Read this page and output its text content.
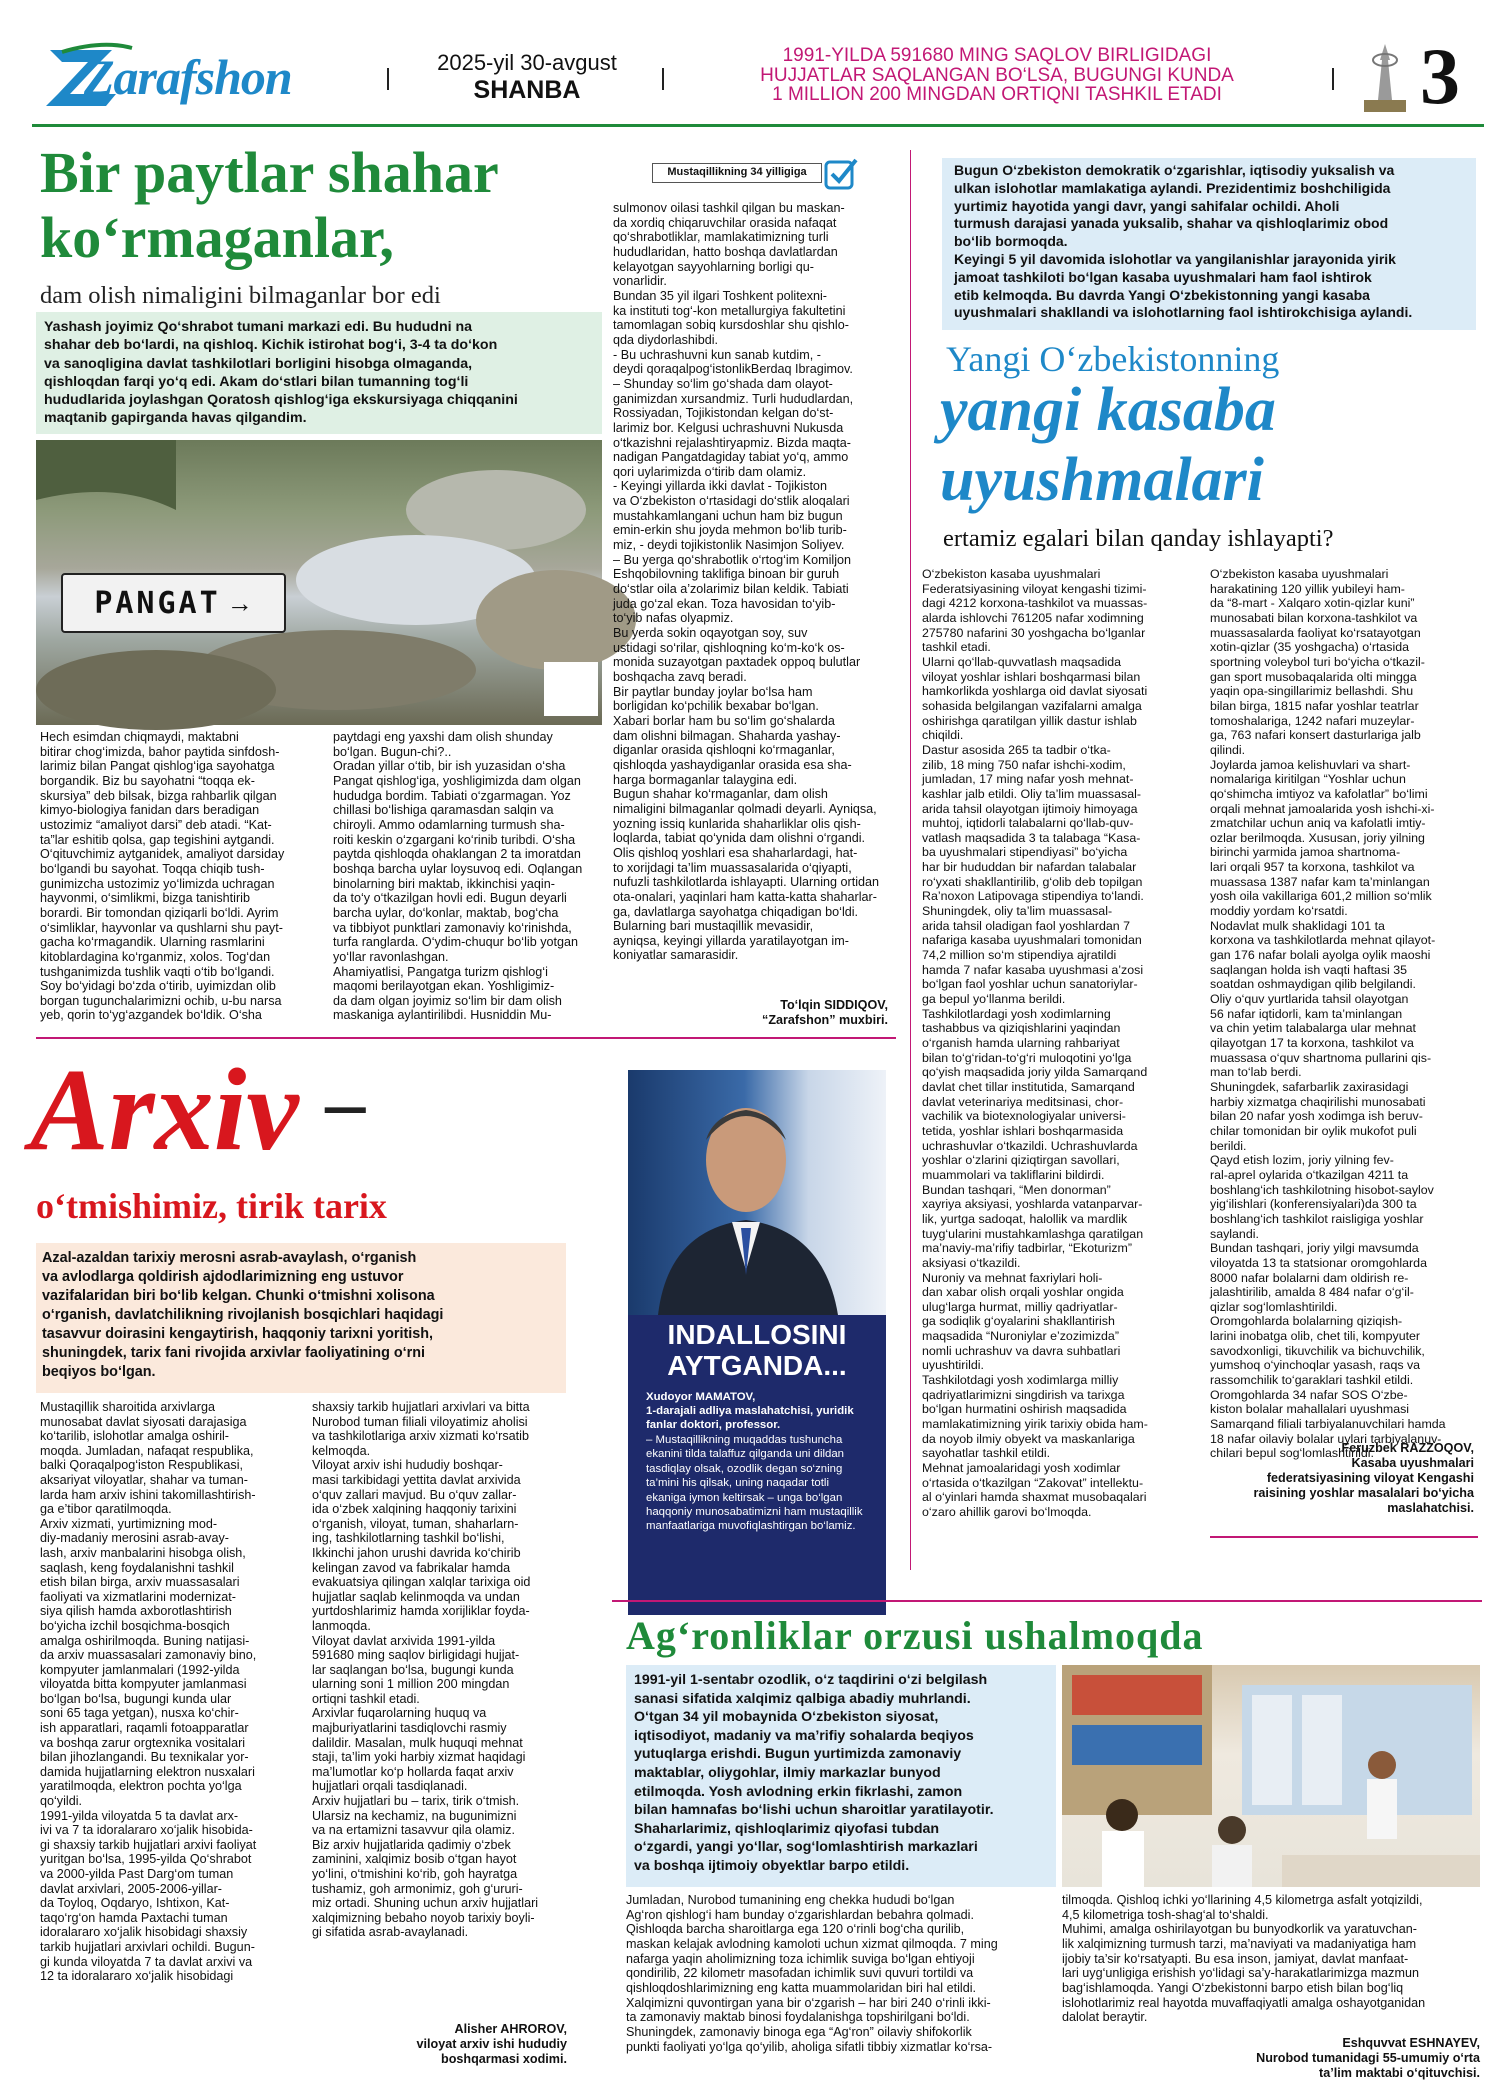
Zarafshon	2025-yil 30-avgust
SHANBA
1991-YILDA 591680 MING SAQLOV BIRLIGIDAGI
HUJJATLAR SAQLANGAN BO‘LSA, BUGUNGI KUNDA
1 MILLION 200 MINGDAN ORTIQNI TASHKIL ETADI	3
Bir paytlar shahar
ko‘rmaganlar,
dam olish nimaligini bilmaganlar bor edi
Yashash joyimiz Qo‘shrabot tumani markazi edi. Bu hududni na
shahar deb bo‘lardi, na qishloq. Kichik istirohat bog‘i, 3-4 ta do‘kon
va sanoqligina davlat tashkilotlari borligini hisobga olmaganda,
qishloqdan farqi yo‘q edi. Akam do‘stlari bilan tumanning tog‘li
hududlarida joylashgan Qoratosh qishlog‘iga ekskursiyaga chiqqanini
maqtanib gapirganda havas qilgandim.
PANGAT →
Mustaqillikning 34 yilligiga
Hech esimdan chiqmaydi, maktabni
bitirar chog‘imizda, bahor paytida sinfdosh-
larimiz bilan Pangat qishlog‘iga sayohatga
borgandik. Biz bu sayohatni “toqqa ek-
skursiya” deb bilsak, bizga rahbarlik qilgan
kimyo-biologiya fanidan dars beradigan
ustozimiz “amaliyot darsi” deb atadi. “Kat-
ta”lar eshitib qolsa, gap tegishini aytgandi.
O‘qituvchimiz aytganidek, amaliyot darsiday
bo‘lgandi bu sayohat. Toqqa chiqib tush-
gunimizcha ustozimiz yo‘limizda uchragan
hayvonmi, o‘simlikmi, bizga tanishtirib
borardi. Bir tomondan qiziqarli bo‘ldi. Ayrim
o‘simliklar, hayvonlar va qushlarni shu payt-
gacha ko‘rmagandik. Ularning rasmlarini
kitoblardagina ko‘rganmiz, xolos. Tog‘dan
tushganimizda tushlik vaqti o‘tib bo‘lgandi.
Soy bo‘yidagi bo‘zda o‘tirib, uyimizdan olib
borgan tugunchalarimizni ochib, u-bu narsa
yeb, qorin to‘yg‘azgandek bo‘ldik. O‘sha
paytdagi eng yaxshi dam olish shunday
bo‘lgan. Bugun-chi?..
Oradan yillar o‘tib, bir ish yuzasidan o‘sha
Pangat qishlog‘iga, yoshligimizda dam olgan
hududga bordim. Tabiati o‘zgarmagan. Yoz
chillasi bo‘lishiga qaramasdan salqin va
chiroyli. Ammo odamlarning turmush sha-
roiti keskin o‘zgargani ko‘rinib turibdi. O‘sha
paytda qishloqda ohaklangan 2 ta imoratdan
boshqa barcha uylar loysuvoq edi. Oqlangan
binolarning biri maktab, ikkinchisi yaqin-
da to‘y o‘tkazilgan hovli edi. Bugun deyarli
barcha uylar, do‘konlar, maktab, bog‘cha
va tibbiyot punktlari zamonaviy ko‘rinishda,
turfa ranglarda. O‘ydim-chuqur bo‘lib yotgan
yo‘llar ravonlashgan.
Ahamiyatlisi, Pangatga turizm qishlog‘i
maqomi berilayotgan ekan. Yoshligimiz-
da dam olgan joyimiz so‘lim bir dam olish
maskaniga aylantirilibdi. Husniddin Mu-
sulmonov oilasi tashkil qilgan bu maskan-
da xordiq chiqaruvchilar orasida nafaqat
qo‘shrabotliklar, mamlakatimizning turli
hududlaridan, hatto boshqa davlatlardan
kelayotgan sayyohlarning borligi qu-
vonarlidir.
Bundan 35 yil ilgari Toshkent politexni-
ka instituti tog‘-kon metallurgiya fakultetini
tamomlagan sobiq kursdoshlar shu qishlo-
qda diydorlashibdi.
- Bu uchrashuvni kun sanab kutdim, -
deydi qoraqalpog‘istonlikBerdaq Ibragimov.
– Shunday so‘lim go‘shada dam olayot-
ganimizdan xursandmiz. Turli hududlardan,
Rossiyadan, Tojikistondan kelgan do‘st-
larimiz bor. Kelgusi uchrashuvni Nukusda
o‘tkazishni rejalashtiryapmiz. Bizda maqta-
nadigan Pangatdagiday tabiat yo‘q, ammo
qori uylarimizda o‘tirib dam olamiz.
- Keyingi yillarda ikki davlat - Tojikiston
va O‘zbekiston o‘rtasidagi do‘stlik aloqalari
mustahkamlangani uchun ham biz bugun
emin-erkin shu joyda mehmon bo‘lib turib-
miz, - deydi tojikistonlik Nasimjon Soliyev.
– Bu yerga qo‘shrabotlik o‘rtog‘im Komiljon
Eshqobilovning taklifiga binoan bir guruh
do‘stlar oila a’zolarimiz bilan keldik. Tabiati
juda go‘zal ekan. Toza havosidan to‘yib-
to‘yib nafas olyapmiz.
Bu yerda sokin oqayotgan soy, suv
ustidagi so‘rilar, qishloqning ko‘m-ko‘k os-
monida suzayotgan paxtadek oppoq bulutlar
boshqacha zavq beradi.
Bir paytlar bunday joylar bo‘lsa ham
borligidan ko‘pchilik bexabar bo‘lgan.
Xabari borlar ham bu so‘lim go‘shalarda
dam olishni bilmagan. Shaharda yashay-
diganlar orasida qishloqni ko‘rmaganlar,
qishloqda yashaydiganlar orasida esa sha-
harga bormaganlar talaygina edi.
Bugun shahar ko‘rmaganlar, dam olish
nimaligini bilmaganlar qolmadi deyarli. Ayniqsa,
yozning issiq kunlarida shaharliklar olis qish-
loqlarda, tabiat qo‘ynida dam olishni o‘rgandi.
Olis qishloq yoshlari esa shaharlardagi, hat-
to xorijdagi ta’lim muassasalarida o‘qiyapti,
nufuzli tashkilotlarda ishlayapti. Ularning ortidan
ota-onalari, yaqinlari ham katta-katta shaharlar-
ga, davlatlarga sayohatga chiqadigan bo‘ldi.
Bularning bari mustaqillik mevasidir,
ayniqsa, keyingi yillarda yaratilayotgan im-
koniyatlar samarasidir.
To‘lqin SIDDIQOV,
“Zarafshon” muxbiri.
Bugun O‘zbekiston demokratik o‘zgarishlar, iqtisodiy yuksalish va
ulkan islohotlar mamlakatiga aylandi. Prezidentimiz boshchiligida
yurtimiz hayotida yangi davr, yangi sahifalar ochildi. Aholi
turmush darajasi yanada yuksalib, shahar va qishloqlarimiz obod
bo‘lib bormoqda.
Keyingi 5 yil davomida islohotlar va yangilanishlar jarayonida yirik
jamoat tashkiloti bo‘lgan kasaba uyushmalari ham faol ishtirok
etib kelmoqda. Bu davrda Yangi O‘zbekistonning yangi kasaba
uyushmalari shakllandi va islohotlarning faol ishtirokchisiga aylandi.
Yangi O‘zbekistonning
yangi kasaba
uyushmalari
ertamiz egalari bilan qanday ishlayapti?
O‘zbekiston kasaba uyushmalari
Federatsiyasining viloyat kengashi tizimi-
dagi 4212 korxona-tashkilot va muassas-
alarda ishlovchi 761205 nafar xodimning
275780 nafarini 30 yoshgacha bo‘lganlar
tashkil etadi.
Ularni qo‘llab-quvvatlash maqsadida
viloyat yoshlar ishlari boshqarmasi bilan
hamkorlikda yoshlarga oid davlat siyosati
sohasida belgilangan vazifalarni amalga
oshirishga qaratilgan yillik dastur ishlab
chiqildi.
Dastur asosida 265 ta tadbir o‘tka-
zilib, 18 ming 750 nafar ishchi-xodim,
jumladan, 17 ming nafar yosh mehnat-
kashlar jalb etildi. Oliy ta’lim muassasal-
arida tahsil olayotgan ijtimoiy himoyaga
muhtoj, iqtidorli talabalarni qo‘llab-quv-
vatlash maqsadida 3 ta talabaga “Kasa-
ba uyushmalari stipendiyasi” bo‘yicha
har bir hududdan bir nafardan talabalar
ro‘yxati shakllantirilib, g‘olib deb topilgan
Ra’noxon Latipovaga stipendiya to‘landi.
Shuningdek, oliy ta’lim muassasal-
arida tahsil oladigan faol yoshlardan 7
nafariga kasaba uyushmalari tomonidan
74,2 million so‘m stipendiya ajratildi
hamda 7 nafar kasaba uyushmasi a’zosi
bo‘lgan faol yoshlar uchun sanatoriylar-
ga bepul yo‘llanma berildi.
Tashkilotlardagi yosh xodimlarning
tashabbus va qiziqishlarini yaqindan
o‘rganish hamda ularning rahbariyat
bilan to‘g‘ridan-to‘g‘ri muloqotini yo‘lga
qo‘yish maqsadida joriy yilda Samarqand
davlat chet tillar institutida, Samarqand
davlat veterinariya meditsinasi, chor-
vachilik va biotexnologiyalar universi-
tetida, yoshlar ishlari boshqarmasida
uchrashuvlar o‘tkazildi. Uchrashuvlarda
yoshlar o‘zlarini qiziqtirgan savollari,
muammolari va takliflarini bildirdi.
Bundan tashqari, “Men donorman”
xayriya aksiyasi, yoshlarda vatanparvar-
lik, yurtga sadoqat, halollik va mardlik
tuyg‘ularini mustahkamlashga qaratilgan
ma’naviy-ma’rifiy tadbirlar, “Ekoturizm”
aksiyasi o‘tkazildi.
Nuroniy va mehnat faxriylari holi-
dan xabar olish orqali yoshlar ongida
ulug‘larga hurmat, milliy qadriyatlar-
ga sodiqlik g‘oyalarini shakllantirish
maqsadida “Nuroniylar e’zozimizda”
nomli uchrashuv va davra suhbatlari
uyushtirildi.
Tashkilotdagi yosh xodimlarga milliy
qadriyatlarimizni singdirish va tarixga
bo‘lgan hurmatini oshirish maqsadida
mamlakatimizning yirik tarixiy obida ham-
da noyob ilmiy obyekt va maskanlariga
sayohatlar tashkil etildi.
Mehnat jamoalaridagi yosh xodimlar
o‘rtasida o‘tkazilgan “Zakovat” intellektu-
al o‘yinlari hamda shaxmat musobaqalari
o‘zaro ahillik garovi bo‘lmoqda.
O‘zbekiston kasaba uyushmalari
harakatining 120 yillik yubileyi ham-
da “8-mart - Xalqaro xotin-qizlar kuni”
munosabati bilan korxona-tashkilot va
muassasalarda faoliyat ko‘rsatayotgan
xotin-qizlar (35 yoshgacha) o‘rtasida
sportning voleybol turi bo‘yicha o‘tkazil-
gan sport musobaqalarida olti mingga
yaqin opa-singillarimiz bellashdi. Shu
bilan birga, 1815 nafar yoshlar teatrlar
tomoshalariga, 1242 nafari muzeylar-
ga, 763 nafari konsert dasturlariga jalb
qilindi.
Joylarda jamoa kelishuvlari va shart-
nomalariga kiritilgan “Yoshlar uchun
qo‘shimcha imtiyoz va kafolatlar” bo‘limi
orqali mehnat jamoalarida yosh ishchi-xi-
zmatchilar uchun aniq va kafolatli imtiy-
ozlar berilmoqda. Xususan, joriy yilning
birinchi yarmida jamoa shartnoma-
lari orqali 957 ta korxona, tashkilot va
muassasa 1387 nafar kam ta’minlangan
yosh oila vakillariga 601,2 million so‘mlik
moddiy yordam ko‘rsatdi.
Nodavlat mulk shaklidagi 101 ta
korxona va tashkilotlarda mehnat qilayot-
gan 176 nafar bolali ayolga oylik maoshi
saqlangan holda ish vaqti haftasi 35
soatdan oshmaydigan qilib belgilandi.
Oliy o‘quv yurtlarida tahsil olayotgan
56 nafar iqtidorli, kam ta’minlangan
va chin yetim talabalarga ular mehnat
qilayotgan 17 ta korxona, tashkilot va
muassasa o‘quv shartnoma pullarini qis-
man to‘lab berdi.
Shuningdek, safarbarlik zaxirasidagi
harbiy xizmatga chaqirilishi munosabati
bilan 20 nafar yosh xodimga ish beruv-
chilar tomonidan bir oylik mukofot puli
berildi.
Qayd etish lozim, joriy yilning fev-
ral-aprel oylarida o‘tkazilgan 4211 ta
boshlang‘ich tashkilotning hisobot-saylov
yig‘ilishlari (konferensiyalari)da 300 ta
boshlang‘ich tashkilot raisligiga yoshlar
saylandi.
Bundan tashqari, joriy yilgi mavsumda
viloyatda 13 ta statsionar oromgohlarda
8000 nafar bolalarni dam oldirish re-
jalashtirilib, amalda 8 484 nafar o‘g‘il-
qizlar sog‘lomlashtirildi.
Oromgohlarda bolalarning qiziqish-
larini inobatga olib, chet tili, kompyuter
savodxonligi, tikuvchilik va bichuvchilik,
yumshoq o‘yinchoqlar yasash, raqs va
rassomchilik to‘garaklari tashkil etildi.
Oromgohlarda 34 nafar SOS O‘zbe-
kiston bolalar mahallalari uyushmasi
Samarqand filiali tarbiyalanuvchilari hamda
18 nafar oilaviy bolalar uylari tarbiyalanuv-
chilari bepul sog‘lomlashtirildi.
Feruzbek RAZZOQOV,
Kasaba uyushmalari
federatsiyasining viloyat Kengashi
raisining yoshlar masalalari bo‘yicha
maslahatchisi.
Arxiv –
o‘tmishimiz, tirik tarix
Azal-azaldan tarixiy merosni asrab-avaylash, o‘rganish
va avlodlarga qoldirish ajdodlarimizning eng ustuvor
vazifalaridan biri bo‘lib kelgan. Chunki o‘tmishni xolisona
o‘rganish, davlatchilikning rivojlanish bosqichlari haqidagi
tasavvur doirasini kengaytirish, haqqoniy tarixni yoritish,
shuningdek, tarix fani rivojida arxivlar faoliyatining o‘rni
beqiyos bo‘lgan.
Mustaqillik sharoitida arxivlarga
munosabat davlat siyosati darajasiga
ko‘tarilib, islohotlar amalga oshiril-
moqda. Jumladan, nafaqat respublika,
balki Qoraqalpog‘iston Respublikasi,
aksariyat viloyatlar, shahar va tuman-
larda ham arxiv ishini takomillashtirish-
ga e’tibor qaratilmoqda.
Arxiv xizmati, yurtimizning mod-
diy-madaniy merosini asrab-avay-
lash, arxiv manbalarini hisobga olish,
saqlash, keng foydalanishni tashkil
etish bilan birga, arxiv muassasalari
faoliyati va xizmatlarini modernizat-
siya qilish hamda axborotlashtirish
bo‘yicha izchil bosqichma-bosqich
amalga oshirilmoqda. Buning natijasi-
da arxiv muassasalari zamonaviy bino,
kompyuter jamlanmalari (1992-yilda
viloyatda bitta kompyuter jamlanmasi
bo‘lgan bo‘lsa, bugungi kunda ular
soni 65 taga yetgan), nusxa ko‘chir-
ish apparatlari, raqamli fotoapparatlar
va boshqa zarur orgtexnika vositalari
bilan jihozlangandi. Bu texnikalar yor-
damida hujjatlarning elektron nusxalari
yaratilmoqda, elektron pochta yo‘lga
qo‘yildi.
1991-yilda viloyatda 5 ta davlat arx-
ivi va 7 ta idoralararo xo‘jalik hisobida-
gi shaxsiy tarkib hujjatlari arxivi faoliyat
yuritgan bo‘lsa, 1995-yilda Qo‘shrabot
va 2000-yilda Past Darg‘om tuman
davlat arxivlari, 2005-2006-yillar-
da Toyloq, Oqdaryo, Ishtixon, Kat-
taqo‘rg‘on hamda Paxtachi tuman
idoralararo xo‘jalik hisobidagi shaxsiy
tarkib hujjatlari arxivlari ochildi. Bugun-
gi kunda viloyatda 7 ta davlat arxivi va
12 ta idoralararo xo‘jalik hisobidagi
shaxsiy tarkib hujjatlari arxivlari va bitta
Nurobod tuman filiali viloyatimiz aholisi
va tashkilotlariga arxiv xizmati ko‘rsatib
kelmoqda.
Viloyat arxiv ishi hududiy boshqar-
masi tarkibidagi yettita davlat arxivida
o‘quv zallari mavjud. Bu o‘quv zallar-
ida o‘zbek xalqining haqqoniy tarixini
o‘rganish, viloyat, tuman, shaharlarn-
ing, tashkilotlarning tashkil bo‘lishi,
Ikkinchi jahon urushi davrida ko‘chirib
kelingan zavod va fabrikalar hamda
evakuatsiya qilingan xalqlar tarixiga oid
hujjatlar saqlab kelinmoqda va undan
yurtdoshlarimiz hamda xorijliklar foyda-
lanmoqda.
Viloyat davlat arxivida 1991-yilda
591680 ming saqlov birligidagi hujjat-
lar saqlangan bo‘lsa, bugungi kunda
ularning soni 1 million 200 mingdan
ortiqni tashkil etadi.
Arxivlar fuqarolarning huquq va
majburiyatlarini tasdiqlovchi rasmiy
dalildir. Masalan, mulk huquqi mehnat
staji, ta’lim yoki harbiy xizmat haqidagi
ma’lumotlar ko‘p hollarda faqat arxiv
hujjatlari orqali tasdiqlanadi.
Arxiv hujjatlari bu – tarix, tirik o‘tmish.
Ularsiz na kechamiz, na bugunimizni
va na ertamizni tasavvur qila olamiz.
Biz arxiv hujjatlarida qadimiy o‘zbek
zaminini, xalqimiz bosib o‘tgan hayot
yo‘lini, o‘tmishini ko‘rib, goh hayratga
tushamiz, goh armonimiz, goh g‘ururi-
miz ortadi. Shuning uchun arxiv hujjatlari
xalqimizning bebaho noyob tarixiy boyli-
gi sifatida asrab-avaylanadi.
Alisher AHROROV,
viloyat arxiv ishi hududiy
boshqarmasi xodimi.
INDALLOSINI
AYTGANDA...
Xudoyor MAMATOV,
1-darajali adliya maslahatchisi, yuridik
fanlar doktori, professor.
– Mustaqillikning muqaddas tushuncha
ekanini tilda talaffuz qilganda uni dildan
tasdiqlay olsak, ozodlik degan so‘zning
ta’mini his qilsak, uning naqadar totli
ekaniga iymon keltirsak – unga bo‘lgan
haqqoniy munosabatimizni ham mustaqillik
manfaatlariga muvofiqlashtirgan bo‘lamiz.
Ag‘ronliklar orzusi ushalmoqda
1991-yil 1-sentabr ozodlik, o‘z taqdirini o‘zi belgilash
sanasi sifatida xalqimiz qalbiga abadiy muhrlandi.
O‘tgan 34 yil mobaynida O‘zbekiston siyosat,
iqtisodiyot, madaniy va ma’rifiy sohalarda beqiyos
yutuqlarga erishdi. Bugun yurtimizda zamonaviy
maktablar, oliygohlar, ilmiy markazlar bunyod
etilmoqda. Yosh avlodning erkin fikrlashi, zamon
bilan hamnafas bo‘lishi uchun sharoitlar yaratilayotir.
Shaharlarimiz, qishloqlarimiz qiyofasi tubdan
o‘zgardi, yangi yo‘llar, sog‘lomlashtirish markazlari
va boshqa ijtimoiy obyektlar barpo etildi.
Jumladan, Nurobod tumanining eng chekka hududi bo‘lgan
Ag‘ron qishlog‘i ham bunday o‘zgarishlardan bebahra qolmadi.
Qishloqda barcha sharoitlarga ega 120 o‘rinli bog‘cha qurilib,
maskan kelajak avlodning kamoloti uchun xizmat qilmoqda. 7 ming
nafarga yaqin aholimizning toza ichimlik suviga bo‘lgan ehtiyoji
qondirilib, 22 kilometr masofadan ichimlik suvi quvuri tortildi va
qishloqdoshlarimizning eng katta muammolaridan biri hal etildi.
Xalqimizni quvontirgan yana bir o‘zgarish – har biri 240 o‘rinli ikki-
ta zamonaviy maktab binosi foydalanishga topshirilgani bo‘ldi.
Shuningdek, zamonaviy binoga ega “Ag‘ron” oilaviy shifokorlik
punkti faoliyati yo‘lga qo‘yilib, aholiga sifatli tibbiy xizmatlar ko‘rsa-
tilmoqda. Qishloq ichki yo‘llarining 4,5 kilometrga asfalt yotqizildi,
4,5 kilometriga tosh-shag‘al to‘shaldi.
Muhimi, amalga oshirilayotgan bu bunyodkorlik va yaratuvchan-
lik xalqimizning turmush tarzi, ma’naviyati va madaniyatiga ham
ijobiy ta’sir ko‘rsatyapti. Bu esa inson, jamiyat, davlat manfaat-
lari uyg‘unligiga erishish yo‘lidagi sa’y-harakatlarimizga mazmun
bag‘ishlamoqda. Yangi O‘zbekistonni barpo etish bilan bog‘liq
islohotlarimiz real hayotda muvaffaqiyatli amalga oshayotganidan
dalolat beraytir.
Eshquvvat ESHNAYEV,
Nurobod tumanidagi 55-umumiy o‘rta
ta’lim maktabi o‘qituvchisi.
